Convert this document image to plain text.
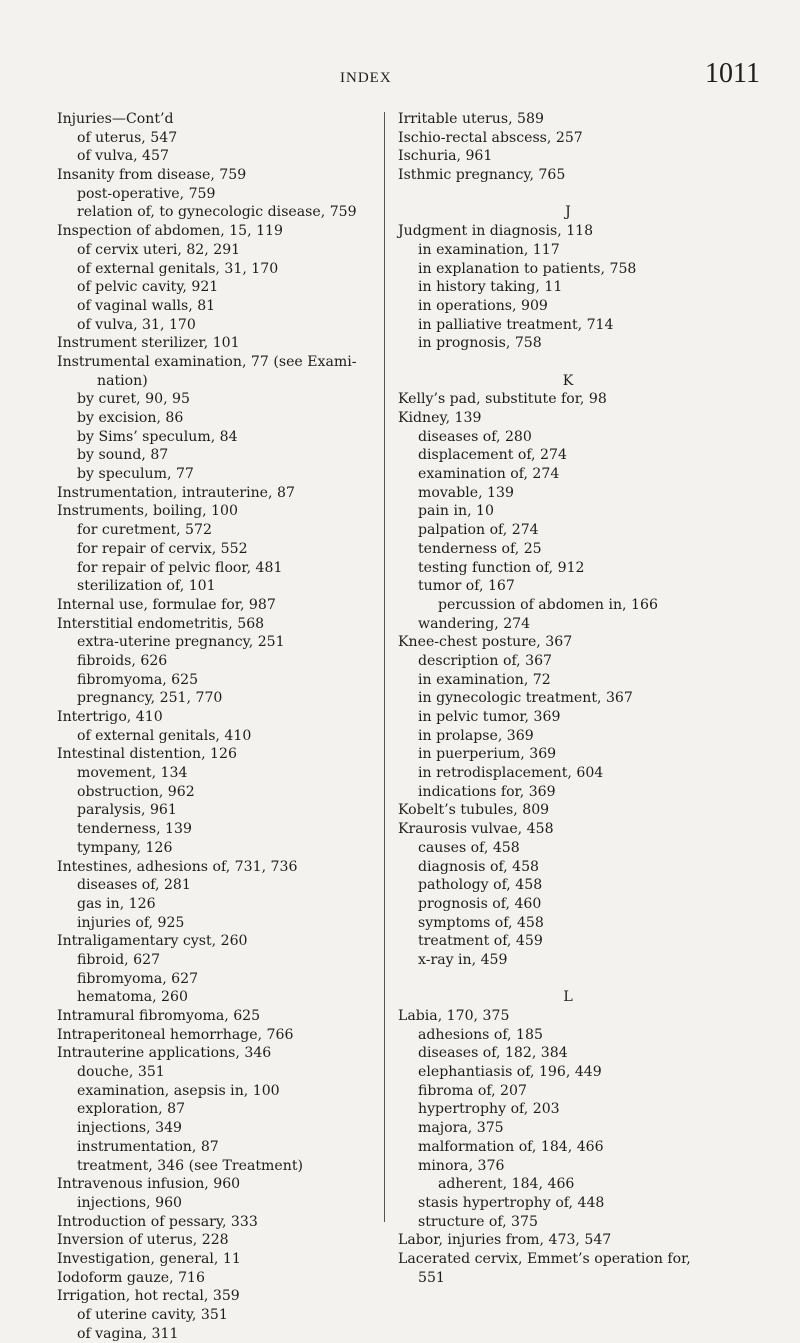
INDEX	1011
Injuries—Cont’d
of uterus, 547
of vulva, 457
Insanity from disease, 759
post-operative, 759
relation of, to gynecologic disease, 759
Inspection of abdomen, 15, 119
of cervix uteri, 82, 291
of external genitals, 31, 170
of pelvic cavity, 921
of vaginal walls, 81
of vulva, 31, 170
Instrument sterilizer, 101
Instrumental examination, 77 (see Exami-
nation)
by curet, 90, 95
by excision, 86
by Sims’ speculum, 84
by sound, 87
by speculum, 77
Instrumentation, intrauterine, 87
Instruments, boiling, 100
for curetment, 572
for repair of cervix, 552
for repair of pelvic floor, 481
sterilization of, 101
Internal use, formulae for, 987
Interstitial endometritis, 568
extra-uterine pregnancy, 251
fibroids, 626
fibromyoma, 625
pregnancy, 251, 770
Intertrigo, 410
of external genitals, 410
Intestinal distention, 126
movement, 134
obstruction, 962
paralysis, 961
tenderness, 139
tympany, 126
Intestines, adhesions of, 731, 736
diseases of, 281
gas in, 126
injuries of, 925
Intraligamentary cyst, 260
fibroid, 627
fibromyoma, 627
hematoma, 260
Intramural fibromyoma, 625
Intraperitoneal hemorrhage, 766
Intrauterine applications, 346
douche, 351
examination, asepsis in, 100
exploration, 87
injections, 349
instrumentation, 87
treatment, 346 (see Treatment)
Intravenous infusion, 960
injections, 960
Introduction of pessary, 333
Inversion of uterus, 228
Investigation, general, 11
Iodoform gauze, 716
Irrigation, hot rectal, 359
of uterine cavity, 351
of vagina, 311
Irritable uterus, 589
Ischio-rectal abscess, 257
Ischuria, 961
Isthmic pregnancy, 765
J
Judgment in diagnosis, 118
in examination, 117
in explanation to patients, 758
in history taking, 11
in operations, 909
in palliative treatment, 714
in prognosis, 758
K
Kelly’s pad, substitute for, 98
Kidney, 139
diseases of, 280
displacement of, 274
examination of, 274
movable, 139
pain in, 10
palpation of, 274
tenderness of, 25
testing function of, 912
tumor of, 167
percussion of abdomen in, 166
wandering, 274
Knee-chest posture, 367
description of, 367
in examination, 72
in gynecologic treatment, 367
in pelvic tumor, 369
in prolapse, 369
in puerperium, 369
in retrodisplacement, 604
indications for, 369
Kobelt’s tubules, 809
Kraurosis vulvae, 458
causes of, 458
diagnosis of, 458
pathology of, 458
prognosis of, 460
symptoms of, 458
treatment of, 459
x-ray in, 459
L
Labia, 170, 375
adhesions of, 185
diseases of, 182, 384
elephantiasis of, 196, 449
fibroma of, 207
hypertrophy of, 203
majora, 375
malformation of, 184, 466
minora, 376
adherent, 184, 466
stasis hypertrophy of, 448
structure of, 375
Labor, injuries from, 473, 547
Lacerated cervix, Emmet’s operation for,
551
